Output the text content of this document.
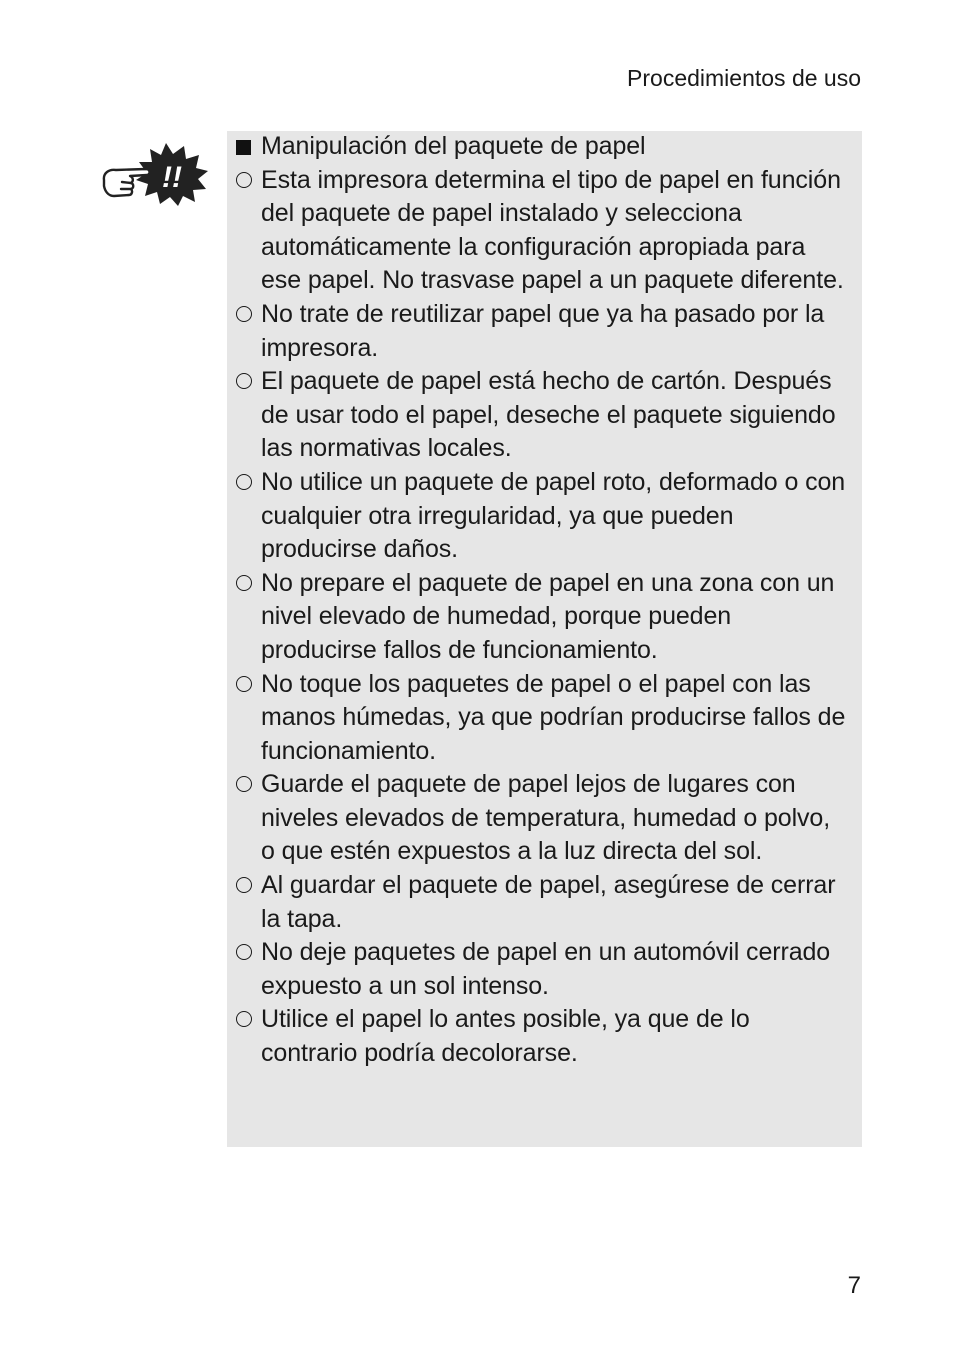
Procedimientos de uso
!!
Manipulación del paquete de papel
Esta impresora determina el tipo de papel en función del paquete de papel instalado y selecciona automáticamente la configuración apropiada para ese papel. No trasvase papel a un paquete diferente.
No trate de reutilizar papel que ya ha pasado por la impresora.
El paquete de papel está hecho de cartón. Después de usar todo el papel, deseche el paquete siguiendo las normativas locales.
No utilice un paquete de papel roto, deformado o con cualquier otra irregularidad, ya que pueden producirse daños.
No prepare el paquete de papel en una zona con un nivel elevado de humedad, porque pueden producirse fallos de funcionamiento.
No toque los paquetes de papel o el papel con las manos húmedas, ya que podrían producirse fallos de funcionamiento.
Guarde el paquete de papel lejos de lugares con niveles elevados de temperatura, humedad o polvo, o que estén expuestos a la luz directa del sol.
Al guardar el paquete de papel, asegúrese de cerrar la tapa.
No deje paquetes de papel en un automóvil cerrado expuesto a un sol intenso.
Utilice el papel lo antes posible, ya que de lo contrario podría decolorarse.
7
